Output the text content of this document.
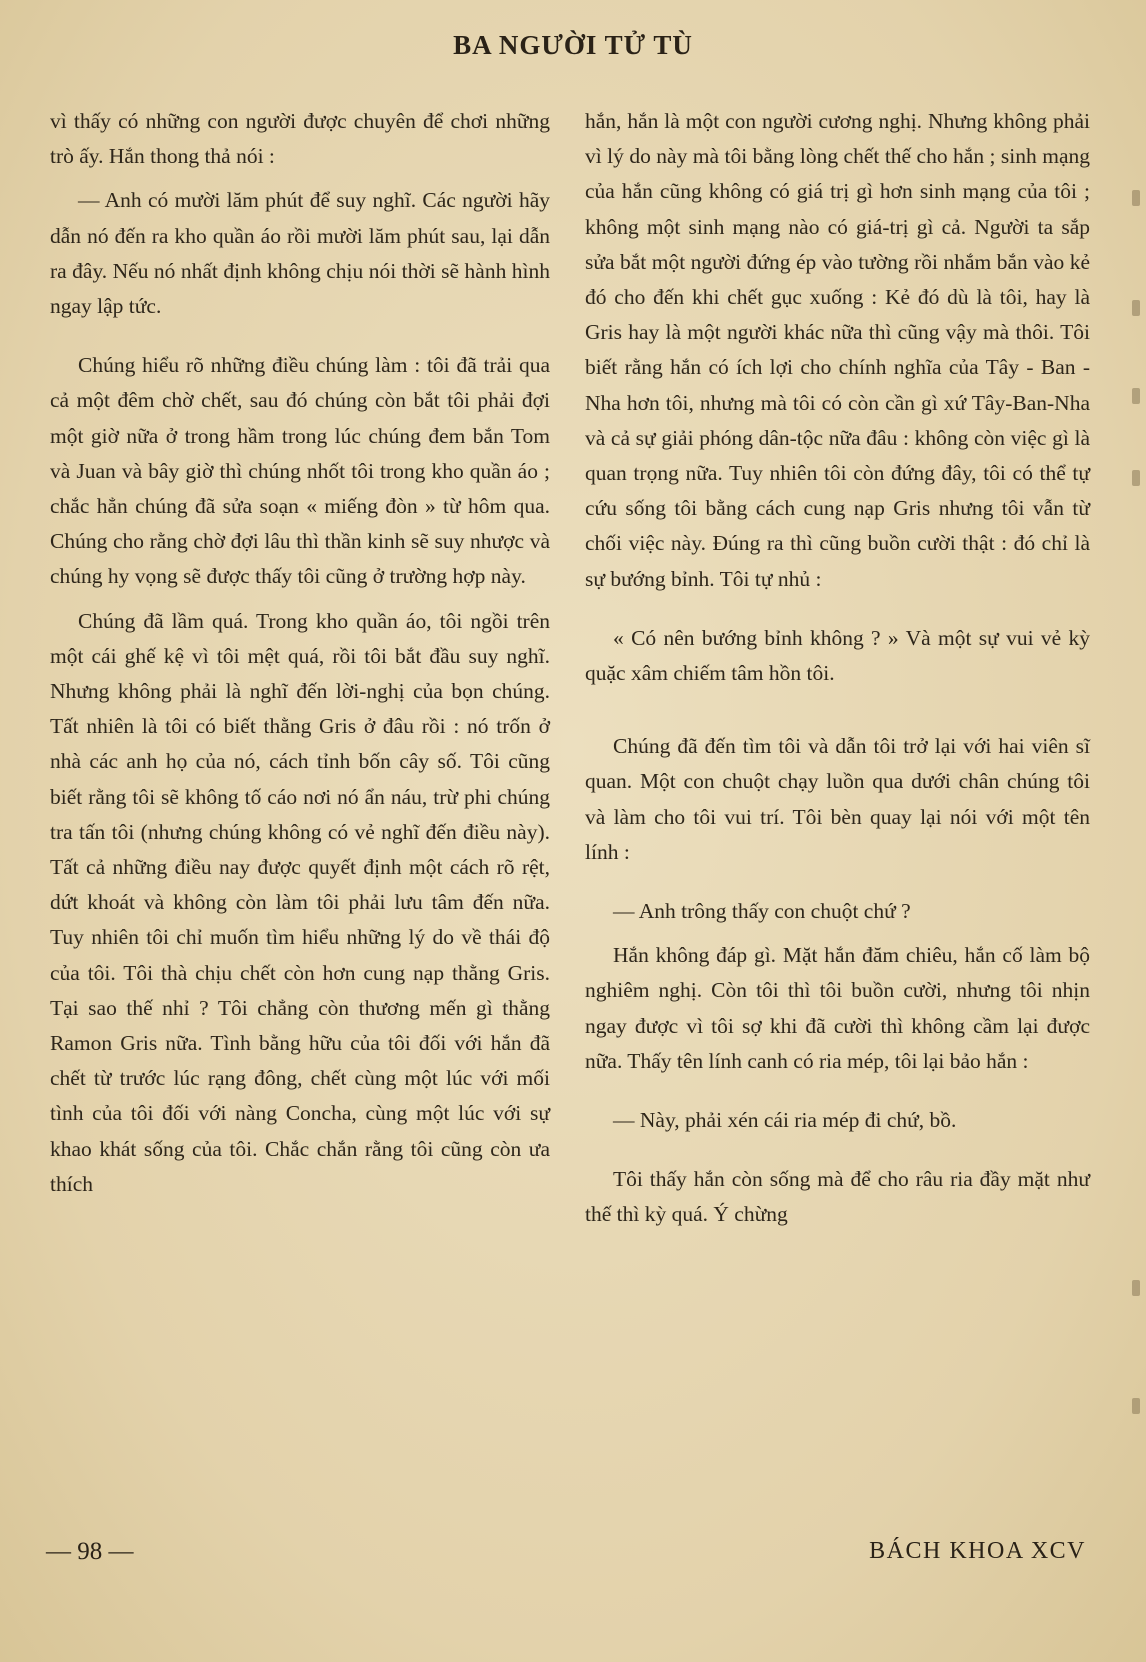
BA NGƯỜI TỬ TÙ

vì thấy có những con người được chuyên để chơi những trò ấy. Hắn thong thả nói :

— Anh có mười lăm phút để suy nghĩ. Các người hãy dẫn nó đến ra kho quần áo rồi mười lăm phút sau, lại dẫn ra đây. Nếu nó nhất định không chịu nói thời sẽ hành hình ngay lập tức.

Chúng hiểu rõ những điều chúng làm : tôi đã trải qua cả một đêm chờ chết, sau đó chúng còn bắt tôi phải đợi một giờ nữa ở trong hầm trong lúc chúng đem bắn Tom và Juan và bây giờ thì chúng nhốt tôi trong kho quần áo ; chắc hẳn chúng đã sửa soạn « miếng đòn » từ hôm qua. Chúng cho rằng chờ đợi lâu thì thần kinh sẽ suy nhược và chúng hy vọng sẽ được thấy tôi cũng ở trường hợp này.

Chúng đã lầm quá. Trong kho quần áo, tôi ngồi trên một cái ghế kệ vì tôi mệt quá, rồi tôi bắt đầu suy nghĩ. Nhưng không phải là nghĩ đến lời-nghị của bọn chúng. Tất nhiên là tôi có biết thằng Gris ở đâu rồi : nó trốn ở nhà các anh họ của nó, cách tỉnh bốn cây số. Tôi cũng biết rằng tôi sẽ không tố cáo nơi nó ẩn náu, trừ phi chúng tra tấn tôi (nhưng chúng không có vẻ nghĩ đến điều này). Tất cả những điều nay được quyết định một cách rõ rệt, dứt khoát và không còn làm tôi phải lưu tâm đến nữa. Tuy nhiên tôi chỉ muốn tìm hiểu những lý do về thái độ của tôi. Tôi thà chịu chết còn hơn cung nạp thằng Gris. Tại sao thế nhỉ ? Tôi chẳng còn thương mến gì thằng Ramon Gris nữa. Tình bằng hữu của tôi đối với hắn đã chết từ trước lúc rạng đông, chết cùng một lúc với mối tình của tôi đối với nàng Concha, cùng một lúc với sự khao khát sống của tôi. Chắc chắn rằng tôi cũng còn ưa thích

hắn, hắn là một con người cương nghị. Nhưng không phải vì lý do này mà tôi bằng lòng chết thế cho hắn ; sinh mạng của hắn cũng không có giá trị gì hơn sinh mạng của tôi ; không một sinh mạng nào có giá-trị gì cả. Người ta sắp sửa bắt một người đứng ép vào tường rồi nhắm bắn vào kẻ đó cho đến khi chết gục xuống : Kẻ đó dù là tôi, hay là Gris hay là một người khác nữa thì cũng vậy mà thôi. Tôi biết rằng hắn có ích lợi cho chính nghĩa của Tây - Ban - Nha hơn tôi, nhưng mà tôi có còn cần gì xứ Tây-Ban-Nha và cả sự giải phóng dân-tộc nữa đâu : không còn việc gì là quan trọng nữa. Tuy nhiên tôi còn đứng đây, tôi có thể tự cứu sống tôi bằng cách cung nạp Gris nhưng tôi vẫn từ chối việc này. Đúng ra thì cũng buồn cười thật : đó chỉ là sự bướng bỉnh. Tôi tự nhủ :

« Có nên bướng bỉnh không ? » Và một sự vui vẻ kỳ quặc xâm chiếm tâm hồn tôi.

Chúng đã đến tìm tôi và dẫn tôi trở lại với hai viên sĩ quan. Một con chuột chạy luồn qua dưới chân chúng tôi và làm cho tôi vui trí. Tôi bèn quay lại nói với một tên lính :

— Anh trông thấy con chuột chứ ?

Hắn không đáp gì. Mặt hắn đăm chiêu, hắn cố làm bộ nghiêm nghị. Còn tôi thì tôi buồn cười, nhưng tôi nhịn ngay được vì tôi sợ khi đã cười thì không cầm lại được nữa. Thấy tên lính canh có ria mép, tôi lại bảo hắn :

— Này, phải xén cái ria mép đi chứ, bồ.

Tôi thấy hắn còn sống mà để cho râu ria đầy mặt như thế thì kỳ quá. Ý chừng

— 98 —	BÁCH KHOA XCV
